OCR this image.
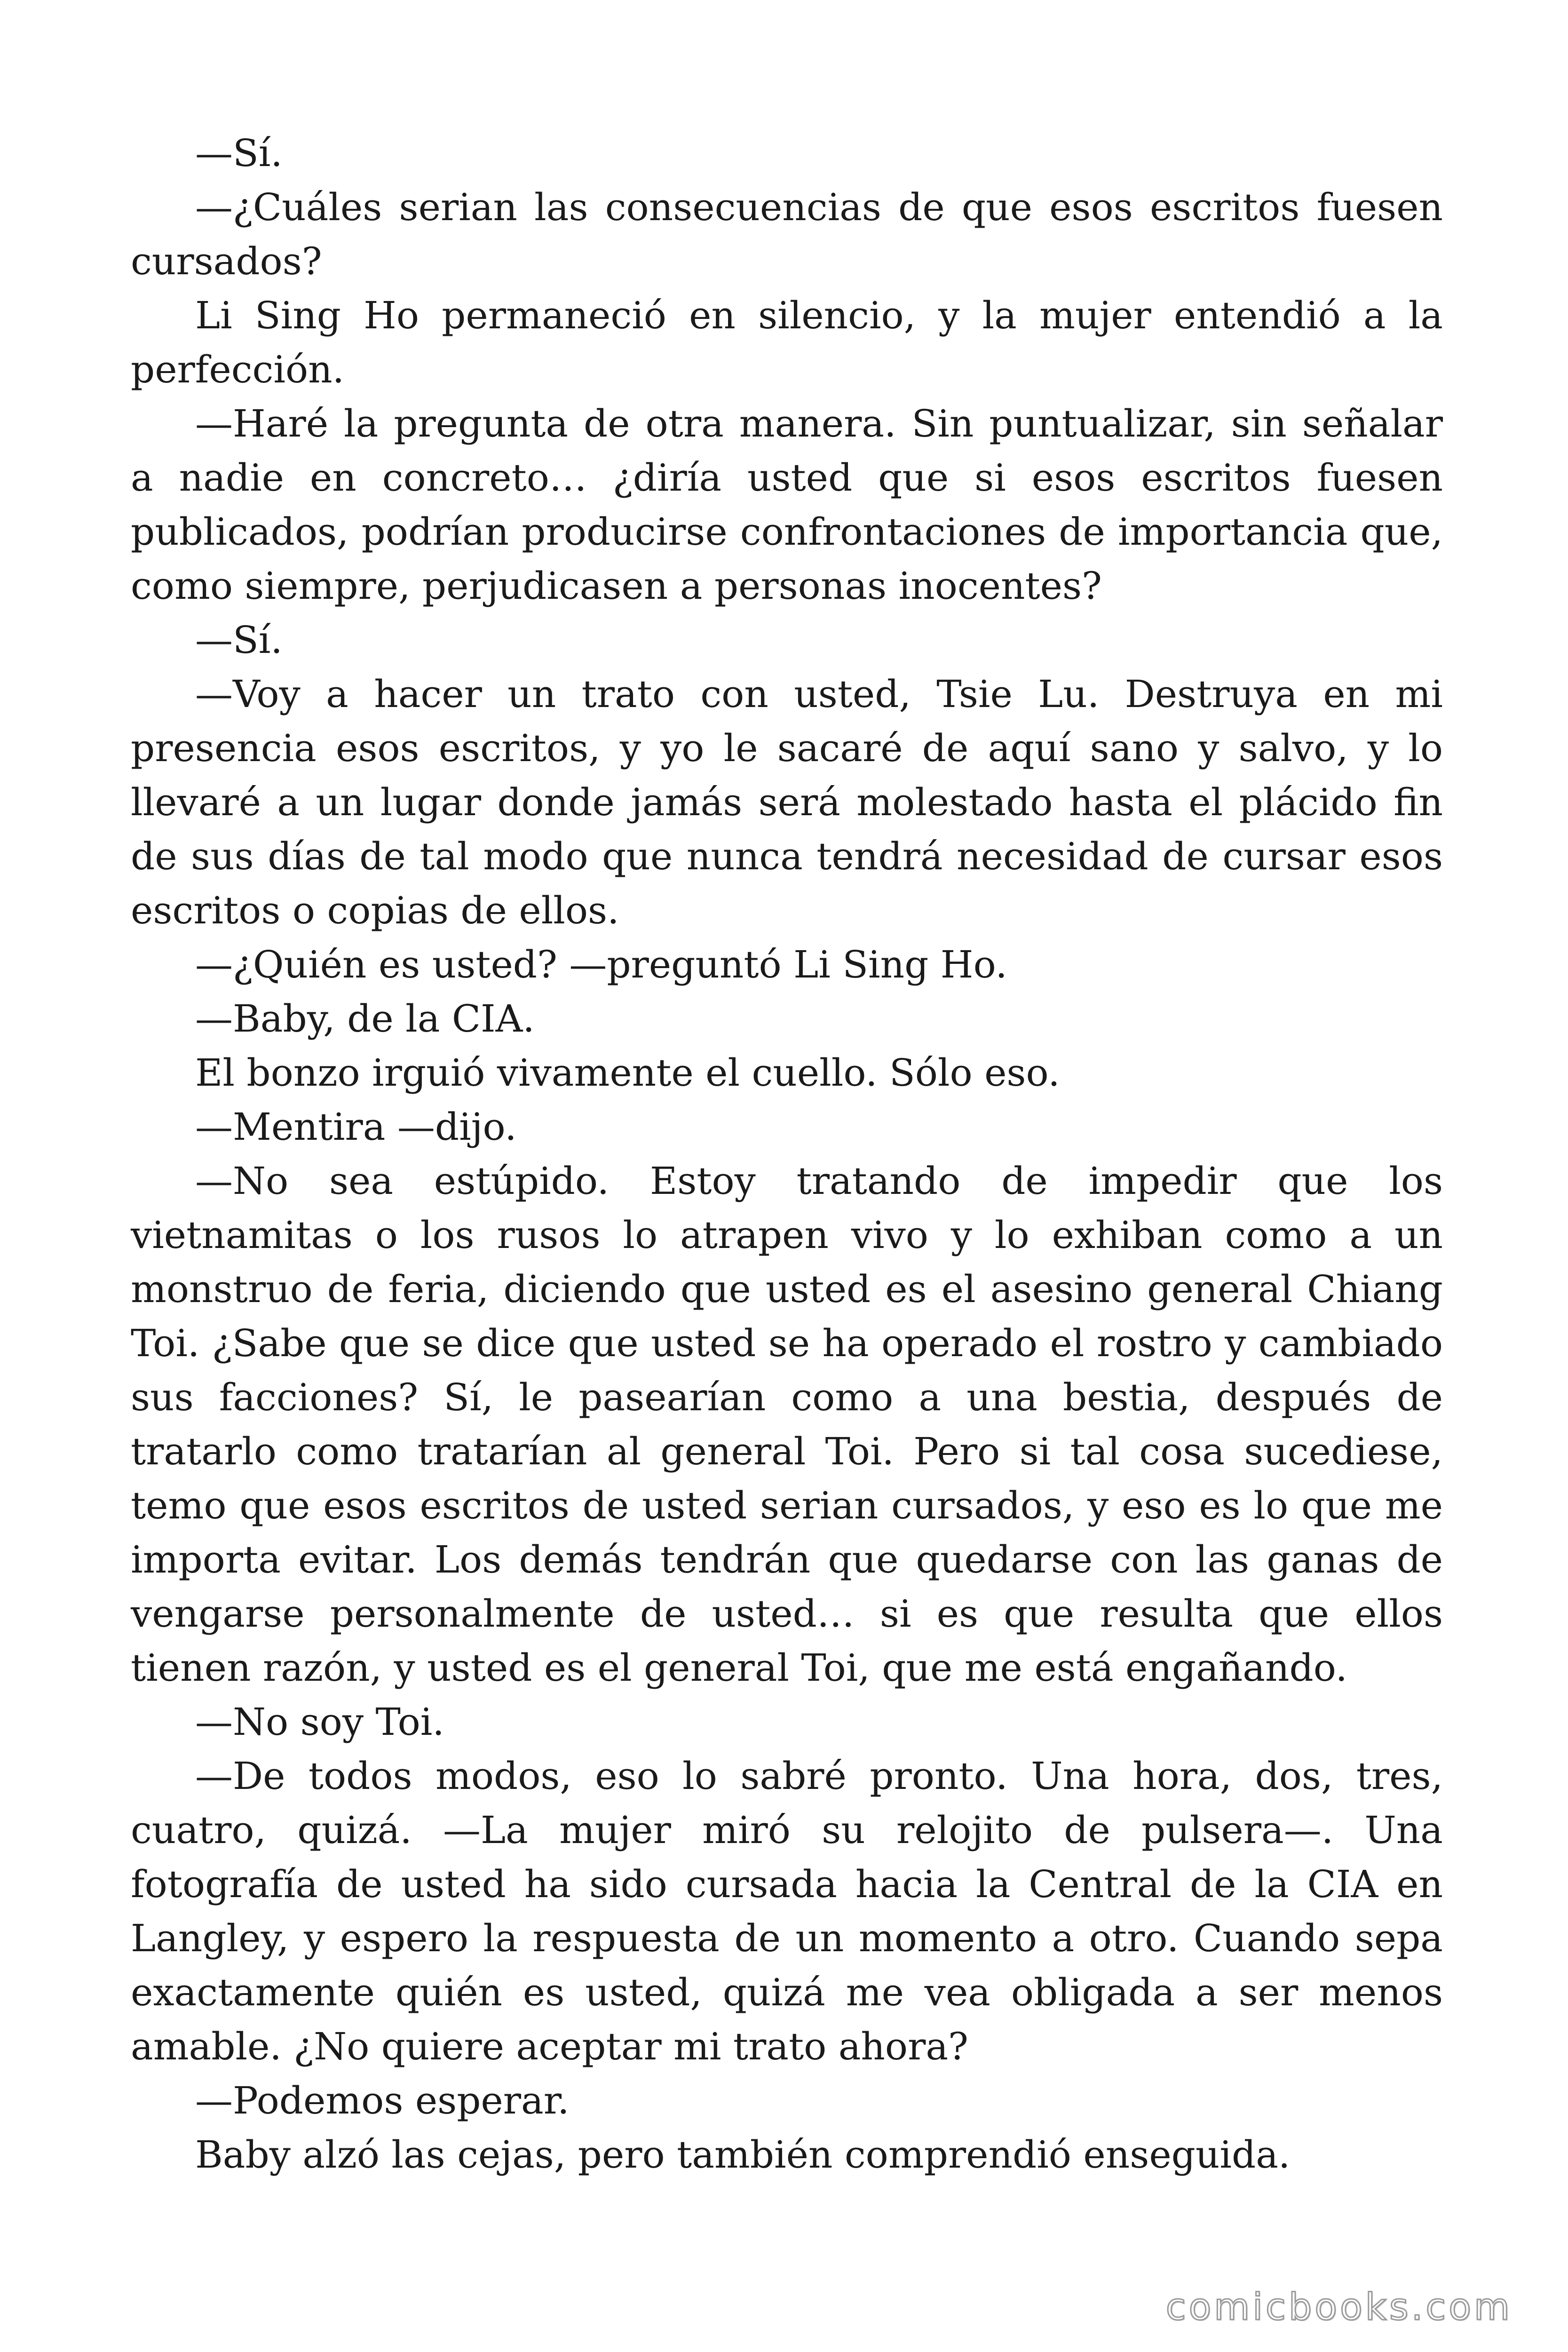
—Sí.

—¿Cuáles serian las consecuencias de que esos escritos fuesen cursados?

Li Sing Ho permaneció en silencio, y la mujer entendió a la perfección.

—Haré la pregunta de otra manera. Sin puntualizar, sin señalar a nadie en concreto… ¿diría usted que si esos escritos fuesen publicados, podrían producirse confrontaciones de importancia que, como siempre, perjudicasen a personas inocentes?

—Sí.

—Voy a hacer un trato con usted, Tsie Lu. Destruya en mi presencia esos escritos, y yo le sacaré de aquí sano y salvo, y lo llevaré a un lugar donde jamás será molestado hasta el plácido fin de sus días de tal modo que nunca tendrá necesidad de cursar esos escritos o copias de ellos.

—¿Quién es usted? —preguntó Li Sing Ho.

—Baby, de la CIA.

El bonzo irguió vivamente el cuello. Sólo eso.

—Mentira —dijo.

—No sea estúpido. Estoy tratando de impedir que los vietnamitas o los rusos lo atrapen vivo y lo exhiban como a un monstruo de feria, diciendo que usted es el asesino general Chiang Toi. ¿Sabe que se dice que usted se ha operado el rostro y cambiado sus facciones? Sí, le pasearían como a una bestia, después de tratarlo como tratarían al general Toi. Pero si tal cosa sucediese, temo que esos escritos de usted serian cursados, y eso es lo que me importa evitar. Los demás tendrán que quedarse con las ganas de vengarse personalmente de usted… si es que resulta que ellos tienen razón, y usted es el general Toi, que me está engañando.

—No soy Toi.

—De todos modos, eso lo sabré pronto. Una hora, dos, tres, cuatro, quizá. —La mujer miró su relojito de pulsera—. Una fotografía de usted ha sido cursada hacia la Central de la CIA en Langley, y espero la respuesta de un momento a otro. Cuando sepa exactamente quién es usted, quizá me vea obligada a ser menos amable. ¿No quiere aceptar mi trato ahora?

—Podemos esperar.

Baby alzó las cejas, pero también comprendió enseguida.

comicbooks.com
